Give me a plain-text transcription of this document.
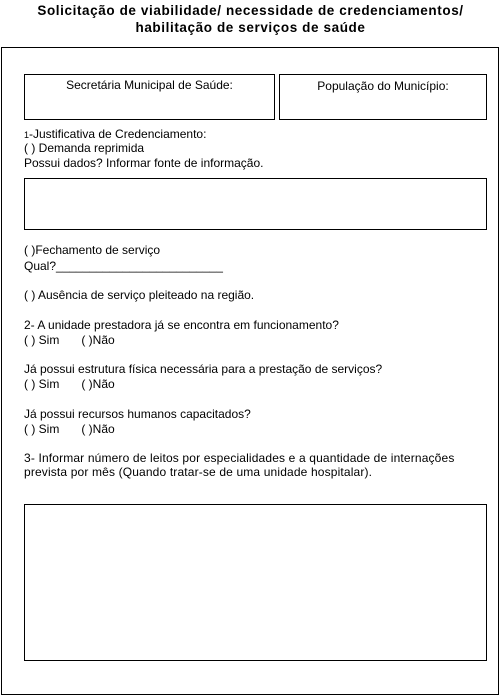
Solicitação de viabilidade/ necessidade de credenciamentos/
habilitação de serviços de saúde
Secretária Municipal de Saúde:	População do Município:
1-Justificativa de Credenciamento:
( ) Demanda reprimida
Possui dados? Informar fonte de informação.
( )Fechamento de serviço
Qual?_________________________
( ) Ausência de serviço pleiteado na região.
2- A unidade prestadora já se encontra em funcionamento?
( ) Sim ( )Não
Já possui estrutura física necessária para a prestação de serviços?
( ) Sim ( )Não
Já possui recursos humanos capacitados?
( ) Sim ( )Não
3- Informar número de leitos por especialidades e a quantidade de internações
prevista por mês (Quando tratar-se de uma unidade hospitalar).
